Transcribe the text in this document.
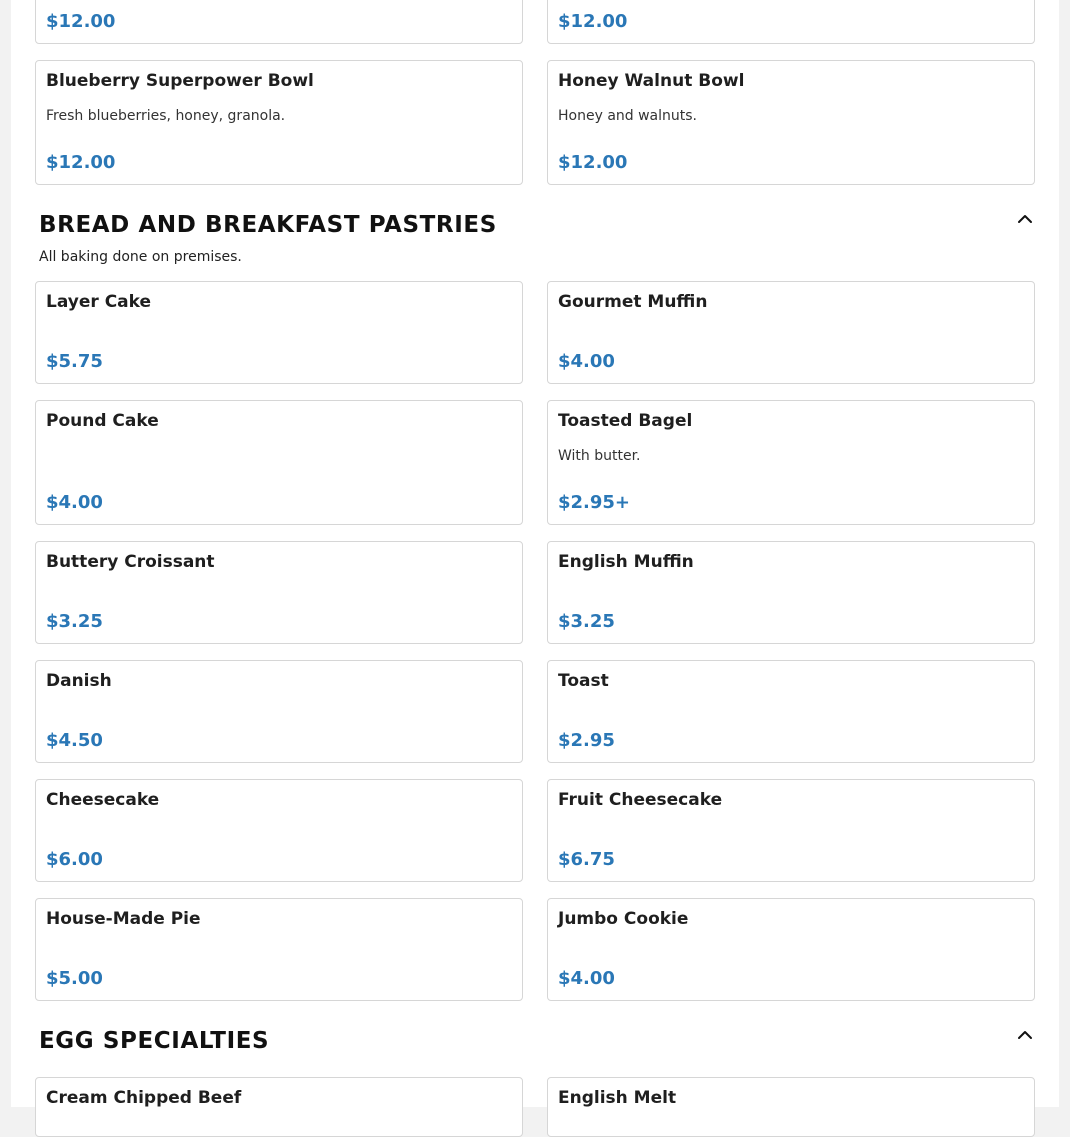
$12.00	$12.00
Blueberry Superpower Bowl
Fresh blueberries, honey, granola.
$12.00
Honey Walnut Bowl
Honey and walnuts.
$12.00
BREAD AND BREAKFAST PASTRIES

All baking done on premises.

Layer Cake
$5.75
Gourmet Muffin
$4.00
Pound Cake
$4.00
Toasted Bagel
With butter.
$2.95+
Buttery Croissant
$3.25
English Muffin
$3.25
Danish
$4.50
Toast
$2.95
Cheesecake
$6.00
Fruit Cheesecake
$6.75
House-Made Pie
$5.00
Jumbo Cookie
$4.00
EGG SPECIALTIES
Cream Chipped Beef	English Melt
